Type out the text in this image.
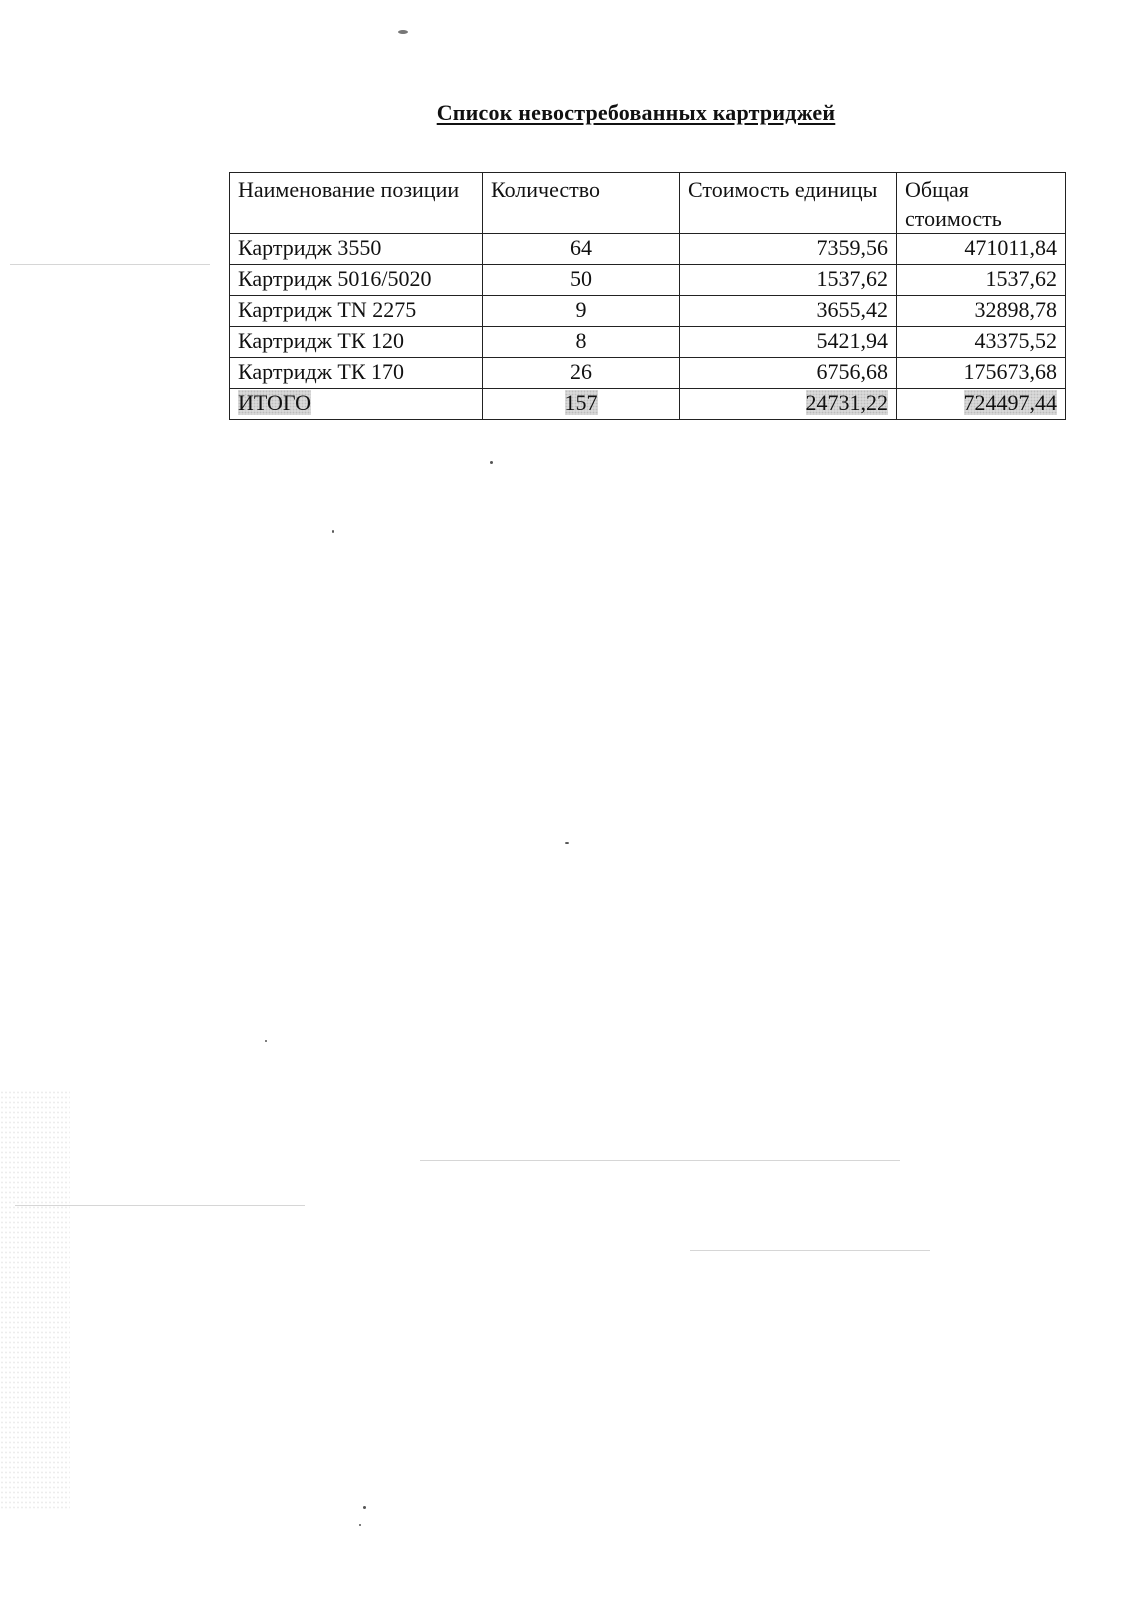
Список невостребованных картриджей
Наименование позиции	Количество	Стоимость единицы	Общая стоимость
Картридж 3550	64	7359,56	471011,84
Картридж 5016/5020	50	1537,62	1537,62
Картридж TN 2275	9	3655,42	32898,78
Картридж ТК 120	8	5421,94	43375,52
Картридж ТК 170	26	6756,68	175673,68
ИТОГО	157	24731,22	724497,44
